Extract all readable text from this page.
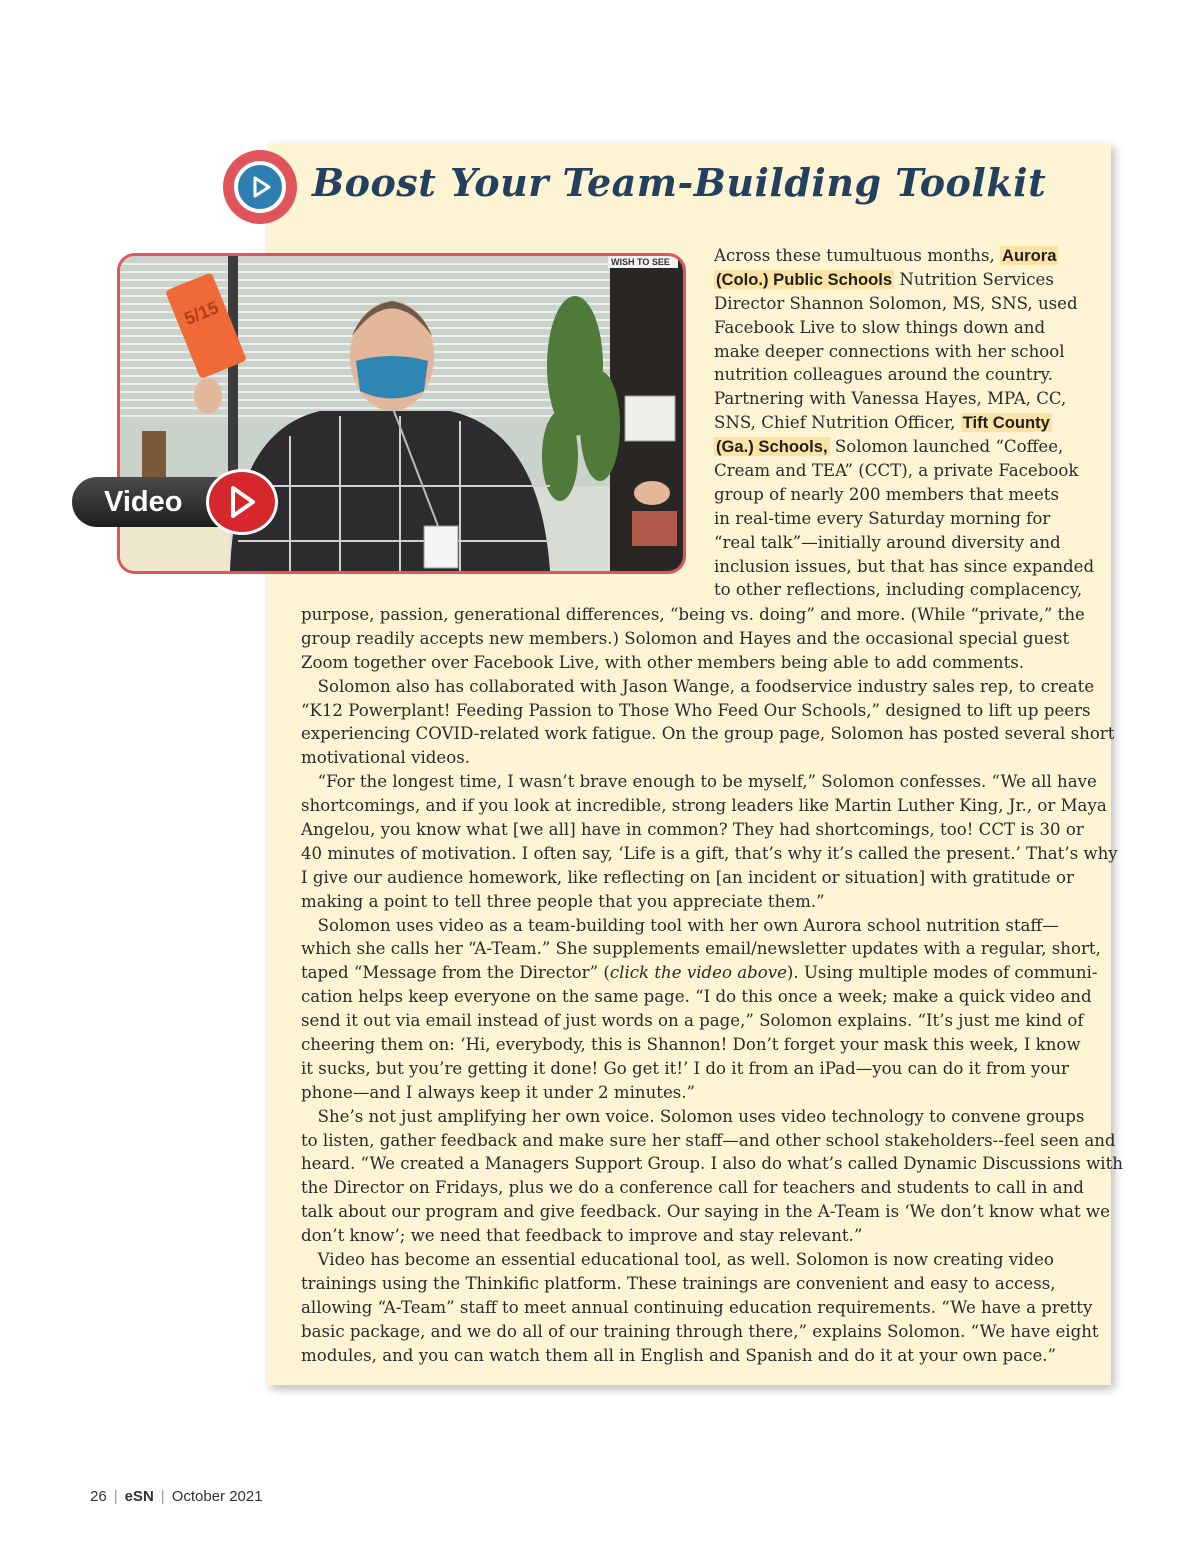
Boost Your Team-Building Toolkit
WISH TO SEE
5/15
Video
Across these tumultuous months, Aurora
(Colo.) Public Schools Nutrition Services
Director Shannon Solomon, MS, SNS, used
Facebook Live to slow things down and
make deeper connections with her school
nutrition colleagues around the country.
Partnering with Vanessa Hayes, MPA, CC,
SNS, Chief Nutrition Officer, Tift County
(Ga.) Schools, Solomon launched “Coffee,
Cream and TEA” (CCT), a private Facebook
group of nearly 200 members that meets
in real-time every Saturday morning for
“real talk”—initially around diversity and
inclusion issues, but that has since expanded
to other reflections, including complacency,
purpose, passion, generational differences, “being vs. doing” and more. (While “private,” the
group readily accepts new members.) Solomon and Hayes and the occasional special guest
Zoom together over Facebook Live, with other members being able to add comments.
 Solomon also has collaborated with Jason Wange, a foodservice industry sales rep, to create
“K12 Powerplant! Feeding Passion to Those Who Feed Our Schools,” designed to lift up peers
experiencing COVID-related work fatigue. On the group page, Solomon has posted several short
motivational videos.
 “For the longest time, I wasn’t brave enough to be myself,” Solomon confesses. “We all have
shortcomings, and if you look at incredible, strong leaders like Martin Luther King, Jr., or Maya
Angelou, you know what [we all] have in common? They had shortcomings, too! CCT is 30 or
40 minutes of motivation. I often say, ‘Life is a gift, that’s why it’s called the present.’ That’s why
I give our audience homework, like reflecting on [an incident or situation] with gratitude or
making a point to tell three people that you appreciate them.”
 Solomon uses video as a team-building tool with her own Aurora school nutrition staff—
which she calls her “A-Team.” She supplements email/newsletter updates with a regular, short,
taped “Message from the Director” (click the video above). Using multiple modes of communi-
cation helps keep everyone on the same page. “I do this once a week; make a quick video and
send it out via email instead of just words on a page,” Solomon explains. “It’s just me kind of
cheering them on: ‘Hi, everybody, this is Shannon! Don’t forget your mask this week, I know
it sucks, but you’re getting it done! Go get it!’ I do it from an iPad—you can do it from your
phone—and I always keep it under 2 minutes.”
 She’s not just amplifying her own voice. Solomon uses video technology to convene groups
to listen, gather feedback and make sure her staff—and other school stakeholders--feel seen and
heard. “We created a Managers Support Group. I also do what’s called Dynamic Discussions with
the Director on Fridays, plus we do a conference call for teachers and students to call in and
talk about our program and give feedback. Our saying in the A-Team is ‘We don’t know what we
don’t know’; we need that feedback to improve and stay relevant.”
 Video has become an essential educational tool, as well. Solomon is now creating video
trainings using the Thinkific platform. These trainings are convenient and easy to access,
allowing “A-Team” staff to meet annual continuing education requirements. “We have a pretty
basic package, and we do all of our training through there,” explains Solomon. “We have eight
modules, and you can watch them all in English and Spanish and do it at your own pace.”
26 | eSN | October 2021
